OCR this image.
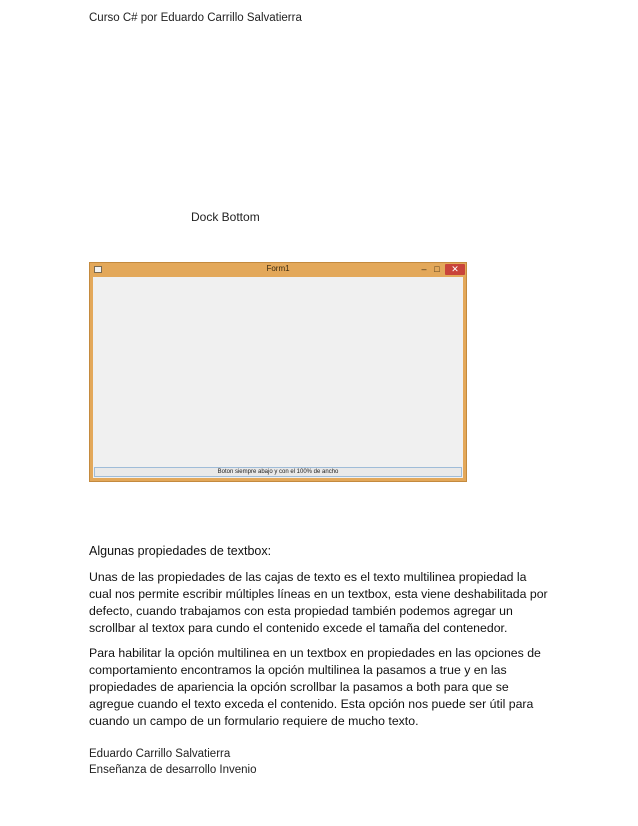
Curso C# por Eduardo Carrillo Salvatierra
Dock Bottom
Form1	– □	✕
Boton siempre abajo y con el 100% de ancho
Algunas propiedades de textbox:

Unas de las propiedades de las cajas de texto es el texto multilinea propiedad la cual nos permite escribir múltiples líneas en un textbox, esta viene deshabilitada por defecto, cuando trabajamos con esta propiedad también podemos agregar un scrollbar al textox para cundo el contenido excede el tamaña del contenedor.

Para habilitar la opción multilinea en un textbox en propiedades en las opciones de comportamiento encontramos la opción multilinea la pasamos a true y en las propiedades de apariencia la opción scrollbar la pasamos a both para que se agregue cuando el texto exceda el contenido. Esta opción nos puede ser útil para cuando un campo de un formulario requiere de mucho texto.

Eduardo Carrillo Salvatierra
Enseñanza de desarrollo Invenio
